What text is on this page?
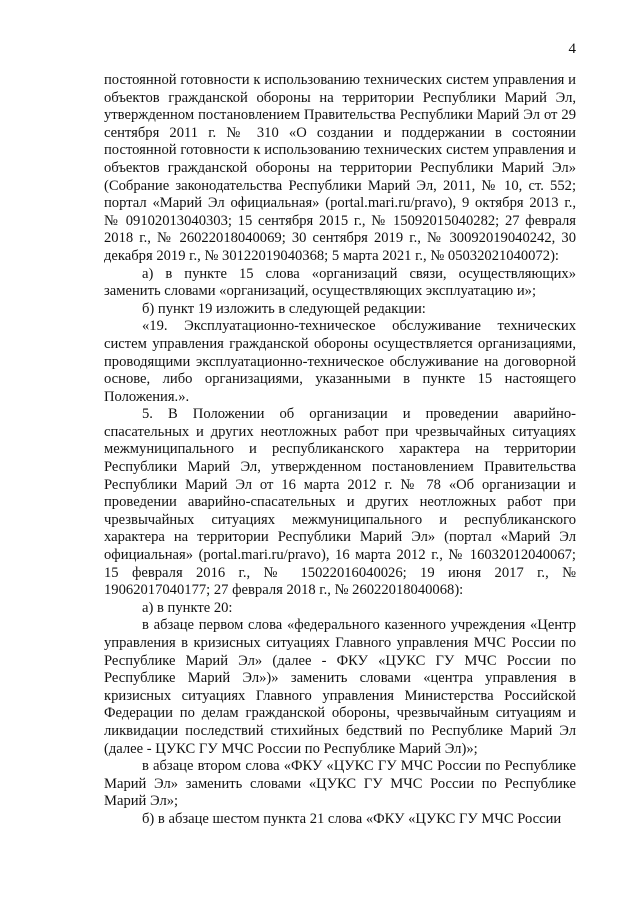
4

постоянной готовности к использованию технических систем управления и объектов гражданской обороны на территории Республики Марий Эл, утвержденном постановлением Правительства Республики Марий Эл от 29 сентября 2011 г. № 310 «О создании и поддержании в состоянии постоянной готовности к использованию технических систем управления и объектов гражданской обороны на территории Республики Марий Эл» (Собрание законодательства Республики Марий Эл, 2011, № 10, ст. 552; портал «Марий Эл официальная» (portal.mari.ru/pravo), 9 октября 2013 г., № 09102013040303; 15 сентября 2015 г., № 15092015040282; 27 февраля 2018 г., № 26022018040069; 30 сентября 2019 г., № 30092019040242, 30 декабря 2019 г., № 30122019040368; 5 марта 2021 г., № 05032021040072):

а) в пункте 15 слова «организаций связи, осуществляющих» заменить словами «организаций, осуществляющих эксплуатацию и»;

б) пункт 19 изложить в следующей редакции:

«19. Эксплуатационно-техническое обслуживание технических систем управления гражданской обороны осуществляется организациями, проводящими эксплуатационно-техническое обслуживание на договорной основе, либо организациями, указанными в пункте 15 настоящего Положения.».

5. В Положении об организации и проведении аварийно-спасательных и других неотложных работ при чрезвычайных ситуациях межмуниципального и республиканского характера на территории Республики Марий Эл, утвержденном постановлением Правительства Республики Марий Эл от 16 марта 2012 г. № 78 «Об организации и проведении аварийно-спасательных и других неотложных работ при чрезвычайных ситуациях межмуниципального и республиканского характера на территории Республики Марий Эл» (портал «Марий Эл официальная» (portal.mari.ru/pravo), 16 марта 2012 г., № 16032012040067; 15 февраля 2016 г., № 15022016040026; 19 июня 2017 г., № 19062017040177; 27 февраля 2018 г., № 26022018040068):

а) в пункте 20:

в абзаце первом слова «федерального казенного учреждения «Центр управления в кризисных ситуациях Главного управления МЧС России по Республике Марий Эл» (далее - ФКУ «ЦУКС ГУ МЧС России по Республике Марий Эл»)» заменить словами «центра управления в кризисных ситуациях Главного управления Министерства Российской Федерации по делам гражданской обороны, чрезвычайным ситуациям и ликвидации последствий стихийных бедствий по Республике Марий Эл (далее - ЦУКС ГУ МЧС России по Республике Марий Эл)»;

в абзаце втором слова «ФКУ «ЦУКС ГУ МЧС России по Республике Марий Эл» заменить словами «ЦУКС ГУ МЧС России по Республике Марий Эл»;

б) в абзаце шестом пункта 21 слова «ФКУ «ЦУКС ГУ МЧС России
